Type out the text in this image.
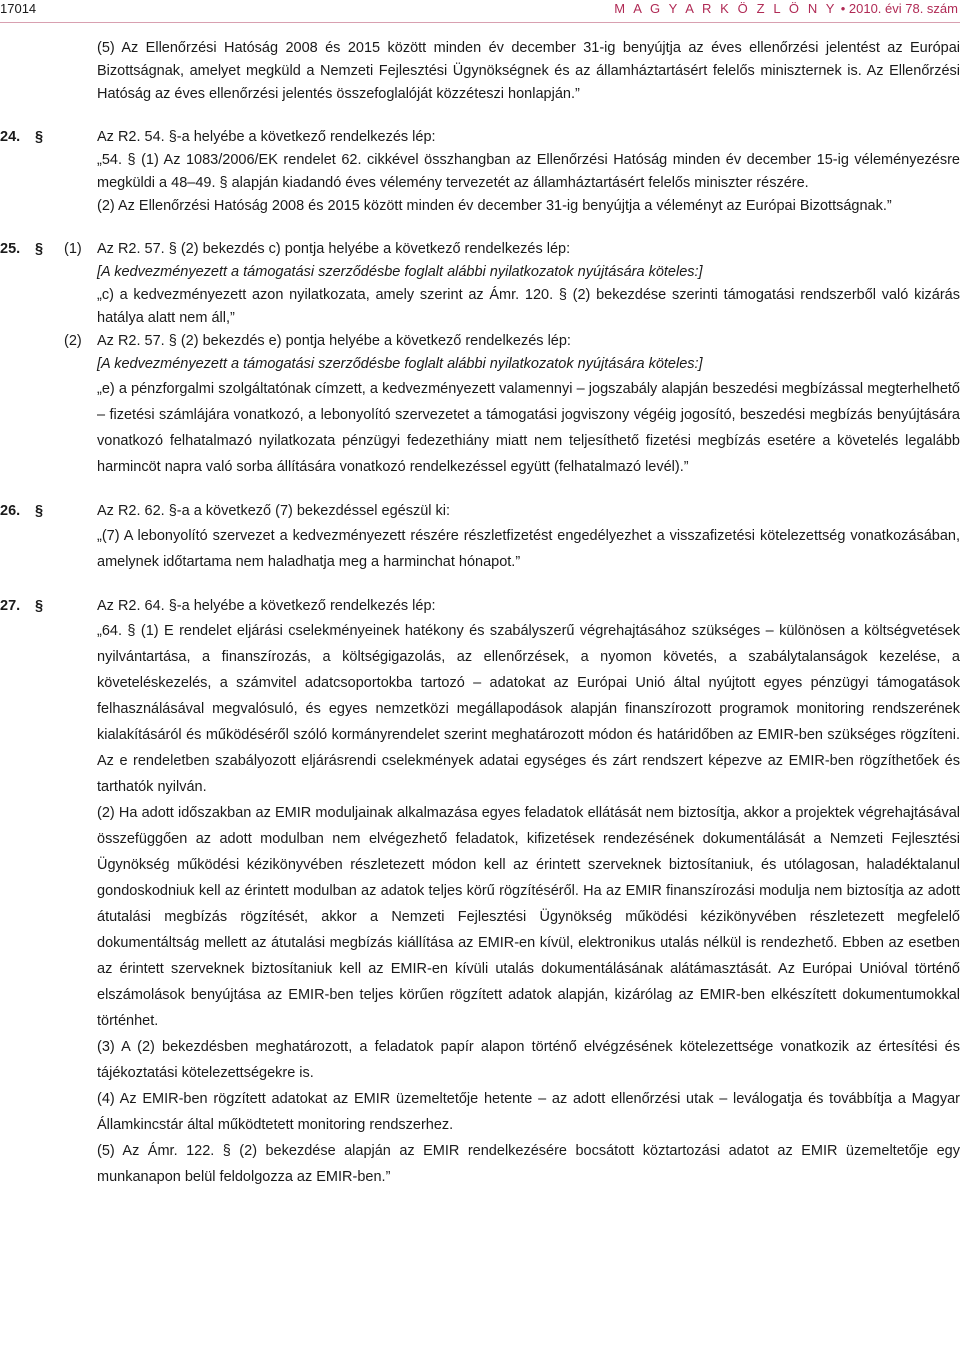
17014	M A G Y A R K Ö Z L Ö N Y • 2010. évi 78. szám

(5) Az Ellenőrzési Hatóság 2008 és 2015 között minden év december 31-ig benyújtja az éves ellenőrzési jelentést az Európai Bizottságnak, amelyet megküld a Nemzeti Fejlesztési Ügynökségnek és az államháztartásért felelős miniszternek is. Az Ellenőrzési Hatóság az éves ellenőrzési jelentés összefoglalóját közzéteszi honlapján.”

24. §	Az R2. 54. §-a helyébe a következő rendelkezés lép:

„54. § (1) Az 1083/2006/EK rendelet 62. cikkével összhangban az Ellenőrzési Hatóság minden év december 15-ig véleményezésre megküldi a 48–49. § alapján kiadandó éves vélemény tervezetét az államháztartásért felelős miniszter részére.

(2) Az Ellenőrzési Hatóság 2008 és 2015 között minden év december 31-ig benyújtja a véleményt az Európai Bizottságnak.”

25. § (1) Az R2. 57. § (2) bekezdés c) pontja helyébe a következő rendelkezés lép:

[A kedvezményezett a támogatási szerződésbe foglalt alábbi nyilatkozatok nyújtására köteles:]

„c) a kedvezményezett azon nyilatkozata, amely szerint az Ámr. 120. § (2) bekezdése szerinti támogatási rendszerből való kizárás hatálya alatt nem áll,”

(2) Az R2. 57. § (2) bekezdés e) pontja helyébe a következő rendelkezés lép:

[A kedvezményezett a támogatási szerződésbe foglalt alábbi nyilatkozatok nyújtására köteles:]

„e) a pénzforgalmi szolgáltatónak címzett, a kedvezményezett valamennyi – jogszabály alapján beszedési megbízással megterhelhető – fizetési számlájára vonatkozó, a lebonyolító szervezetet a támogatási jogviszony végéig jogosító, beszedési megbízás benyújtására vonatkozó felhatalmazó nyilatkozata pénzügyi fedezethiány miatt nem teljesíthető fizetési megbízás esetére a követelés legalább harmincöt napra való sorba állítására vonatkozó rendelkezéssel együtt (felhatalmazó levél).”

26. §	Az R2. 62. §-a a következő (7) bekezdéssel egészül ki:

„(7) A lebonyolító szervezet a kedvezményezett részére részletfizetést engedélyezhet a visszafizetési kötelezettség vonatkozásában, amelynek időtartama nem haladhatja meg a harminchat hónapot.”

27. §	Az R2. 64. §-a helyébe a következő rendelkezés lép:

„64. § (1) E rendelet eljárási cselekményeinek hatékony és szabályszerű végrehajtásához szükséges – különösen a költségvetések nyilvántartása, a finanszírozás, a költségigazolás, az ellenőrzések, a nyomon követés, a szabálytalanságok kezelése, a követeléskezelés, a számvitel adatcsoportokba tartozó – adatokat az Európai Unió által nyújtott egyes pénzügyi támogatások felhasználásával megvalósuló, és egyes nemzetközi megállapodások alapján finanszírozott programok monitoring rendszerének kialakításáról és működéséről szóló kormányrendelet szerint meghatározott módon és határidőben az EMIR-ben szükséges rögzíteni. Az e rendeletben szabályozott eljárásrendi cselekmények adatai egységes és zárt rendszert képezve az EMIR-ben rögzíthetőek és tarthatók nyilván.

(2) Ha adott időszakban az EMIR moduljainak alkalmazása egyes feladatok ellátását nem biztosítja, akkor a projektek végrehajtásával összefüggően az adott modulban nem elvégezhető feladatok, kifizetések rendezésének dokumentálását a Nemzeti Fejlesztési Ügynökség működési kézikönyvében részletezett módon kell az érintett szerveknek biztosítaniuk, és utólagosan, haladéktalanul gondoskodniuk kell az érintett modulban az adatok teljes körű rögzítéséről. Ha az EMIR finanszírozási modulja nem biztosítja az adott átutalási megbízás rögzítését, akkor a Nemzeti Fejlesztési Ügynökség működési kézikönyvében részletezett megfelelő dokumentáltság mellett az átutalási megbízás kiállítása az EMIR-en kívül, elektronikus utalás nélkül is rendezhető. Ebben az esetben az érintett szerveknek biztosítaniuk kell az EMIR-en kívüli utalás dokumentálásának alátámasztását. Az Európai Unióval történő elszámolások benyújtása az EMIR-ben teljes körűen rögzített adatok alapján, kizárólag az EMIR-ben elkészített dokumentumokkal történhet.

(3) A (2) bekezdésben meghatározott, a feladatok papír alapon történő elvégzésének kötelezettsége vonatkozik az értesítési és tájékoztatási kötelezettségekre is.

(4) Az EMIR-ben rögzített adatokat az EMIR üzemeltetője hetente – az adott ellenőrzési utak – leválogatja és továbbítja a Magyar Államkincstár által működtetett monitoring rendszerhez.

(5) Az Ámr. 122. § (2) bekezdése alapján az EMIR rendelkezésére bocsátott köztartozási adatot az EMIR üzemeltetője egy munkanapon belül feldolgozza az EMIR-ben.”
